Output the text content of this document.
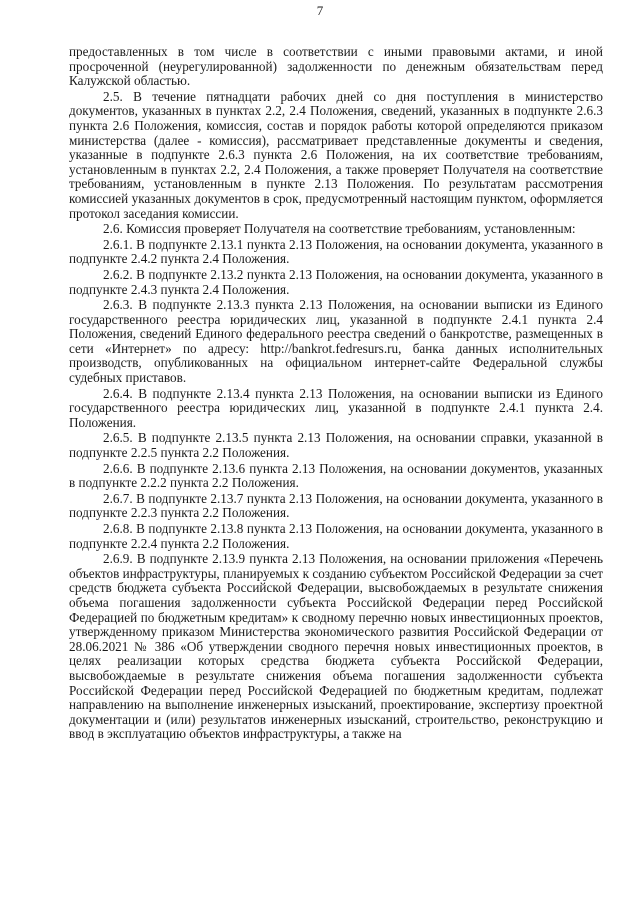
7

предоставленных в том числе в соответствии с иными правовыми актами, и иной просроченной (неурегулированной) задолженности по денежным обязательствам перед Калужской областью.

2.5. В течение пятнадцати рабочих дней со дня поступления в министерство документов, указанных в пунктах 2.2, 2.4 Положения, сведений, указанных в подпункте 2.6.3 пункта 2.6 Положения, комиссия, состав и порядок работы которой определяются приказом министерства (далее - комиссия), рассматривает представленные документы и сведения, указанные в подпункте 2.6.3 пункта 2.6 Положения, на их соответствие требованиям, установленным в пунктах 2.2, 2.4 Положения, а также проверяет Получателя на соответствие требованиям, установленным в пункте 2.13 Положения. По результатам рассмотрения комиссией указанных документов в срок, предусмотренный настоящим пунктом, оформляется протокол заседания комиссии.

2.6. Комиссия проверяет Получателя на соответствие требованиям, установленным:

2.6.1. В подпункте 2.13.1 пункта 2.13 Положения, на основании документа, указанного в подпункте 2.4.2 пункта 2.4 Положения.

2.6.2. В подпункте 2.13.2 пункта 2.13 Положения, на основании документа, указанного в подпункте 2.4.3 пункта 2.4 Положения.

2.6.3. В подпункте 2.13.3 пункта 2.13 Положения, на основании выписки из Единого государственного реестра юридических лиц, указанной в подпункте 2.4.1 пункта 2.4 Положения, сведений Единого федерального реестра сведений о банкротстве, размещенных в сети «Интернет» по адресу: http://bankrot.fedresurs.ru, банка данных исполнительных производств, опубликованных на официальном интернет-сайте Федеральной службы судебных приставов.

2.6.4. В подпункте 2.13.4 пункта 2.13 Положения, на основании выписки из Единого государственного реестра юридических лиц, указанной в подпункте 2.4.1 пункта 2.4. Положения.

2.6.5. В подпункте 2.13.5 пункта 2.13 Положения, на основании справки, указанной в подпункте 2.2.5 пункта 2.2 Положения.

2.6.6. В подпункте 2.13.6 пункта 2.13 Положения, на основании документов, указанных в подпункте 2.2.2 пункта 2.2 Положения.

2.6.7. В подпункте 2.13.7 пункта 2.13 Положения, на основании документа, указанного в подпункте 2.2.3 пункта 2.2 Положения.

2.6.8. В подпункте 2.13.8 пункта 2.13 Положения, на основании документа, указанного в подпункте 2.2.4 пункта 2.2 Положения.

2.6.9. В подпункте 2.13.9 пункта 2.13 Положения, на основании приложения «Перечень объектов инфраструктуры, планируемых к созданию субъектом Российской Федерации за счет средств бюджета субъекта Российской Федерации, высвобождаемых в результате снижения объема погашения задолженности субъекта Российской Федерации перед Российской Федерацией по бюджетным кредитам» к сводному перечню новых инвестиционных проектов, утвержденному приказом Министерства экономического развития Российской Федерации от 28.06.2021 № 386 «Об утверждении сводного перечня новых инвестиционных проектов, в целях реализации которых средства бюджета субъекта Российской Федерации, высвобождаемые в результате снижения объема погашения задолженности субъекта Российской Федерации перед Российской Федерацией по бюджетным кредитам, подлежат направлению на выполнение инженерных изысканий, проектирование, экспертизу проектной документации и (или) результатов инженерных изысканий, строительство, реконструкцию и ввод в эксплуатацию объектов инфраструктуры, а также на
